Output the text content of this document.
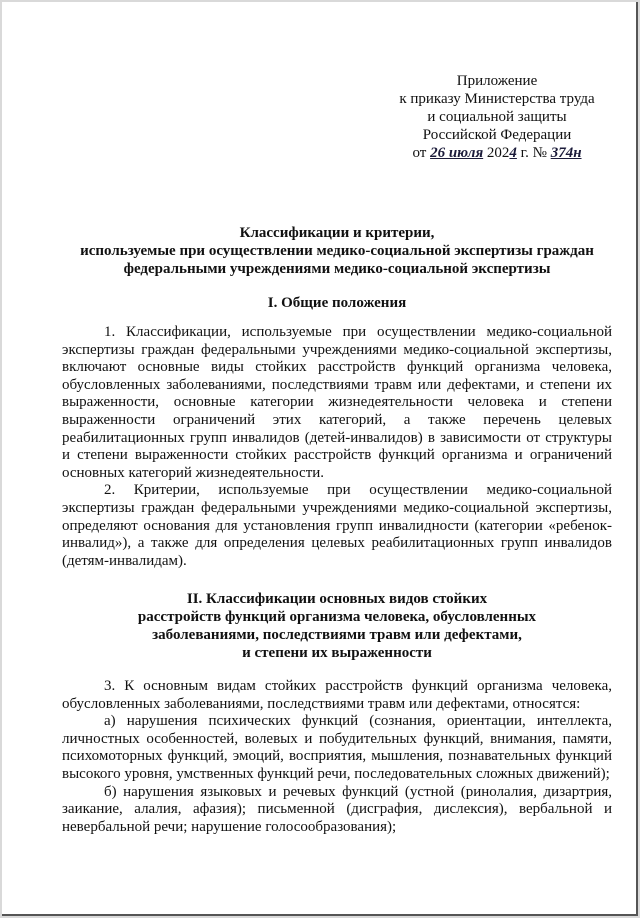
Приложение
к приказу Министерства труда
и социальной защиты
Российской Федерации
от 26 июля 2024 г. № 374н
Классификации и критерии,
используемые при осуществлении медико-социальной экспертизы граждан
федеральными учреждениями медико-социальной экспертизы
I. Общие положения

1. Классификации, используемые при осуществлении медико-социальной экспертизы граждан федеральными учреждениями медико-социальной экспертизы, включают основные виды стойких расстройств функций организма человека, обусловленных заболеваниями, последствиями травм или дефектами, и степени их выраженности, основные категории жизнедеятельности человека и степени выраженности ограничений этих категорий, а также перечень целевых реабилитационных групп инвалидов (детей-инвалидов) в зависимости от структуры и степени выраженности стойких расстройств функций организма и ограничений основных категорий жизнедеятельности.

2. Критерии, используемые при осуществлении медико-социальной экспертизы граждан федеральными учреждениями медико-социальной экспертизы, определяют основания для установления групп инвалидности (категории «ребенок-инвалид»), а также для определения целевых реабилитационных групп инвалидов (детям-инвалидам).

II. Классификации основных видов стойких
расстройств функций организма человека, обусловленных
заболеваниями, последствиями травм или дефектами,
и степени их выраженности

3. К основным видам стойких расстройств функций организма человека, обусловленных заболеваниями, последствиями травм или дефектами, относятся:

а) нарушения психических функций (сознания, ориентации, интеллекта, личностных особенностей, волевых и побудительных функций, внимания, памяти, психомоторных функций, эмоций, восприятия, мышления, познавательных функций высокого уровня, умственных функций речи, последовательных сложных движений);

б) нарушения языковых и речевых функций (устной (ринолалия, дизартрия, заикание, алалия, афазия); письменной (дисграфия, дислексия), вербальной и невербальной речи; нарушение голосообразования);
